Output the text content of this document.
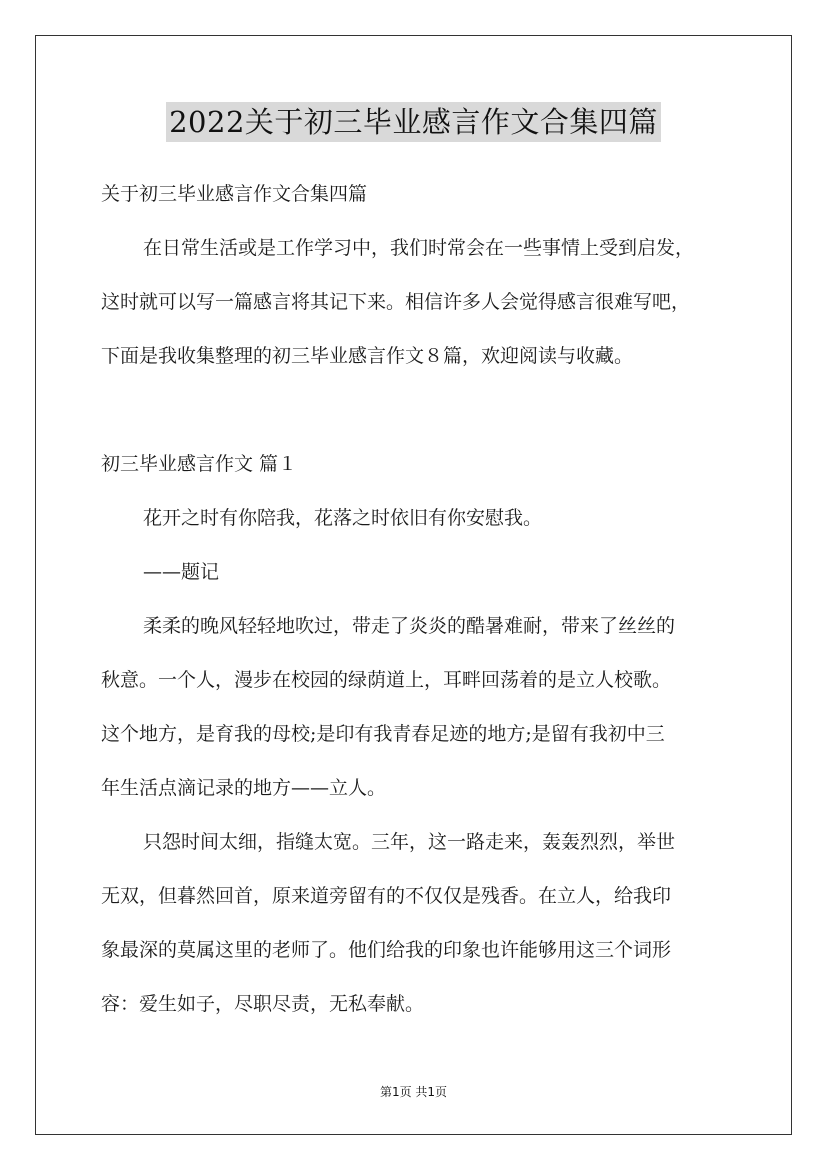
2022关于初三毕业感言作文合集四篇
关于初三毕业感言作文合集四篇
在日常生活或是工作学习中，我们时常会在一些事情上受到启发，
这时就可以写一篇感言将其记下来。相信许多人会觉得感言很难写吧，
下面是我收集整理的初三毕业感言作文８篇，欢迎阅读与收藏。
初三毕业感言作文 篇１
花开之时有你陪我，花落之时依旧有你安慰我。
——题记
柔柔的晚风轻轻地吹过，带走了炎炎的酷暑难耐，带来了丝丝的
秋意。一个人，漫步在校园的绿荫道上，耳畔回荡着的是立人校歌。
这个地方，是育我的母校;是印有我青春足迹的地方;是留有我初中三
年生活点滴记录的地方——立人。
只怨时间太细，指缝太宽。三年，这一路走来，轰轰烈烈，举世
无双，但暮然回首，原来道旁留有的不仅仅是残香。在立人，给我印
象最深的莫属这里的老师了。他们给我的印象也许能够用这三个词形
容：爱生如子，尽职尽责，无私奉献。
第1页 共1页
